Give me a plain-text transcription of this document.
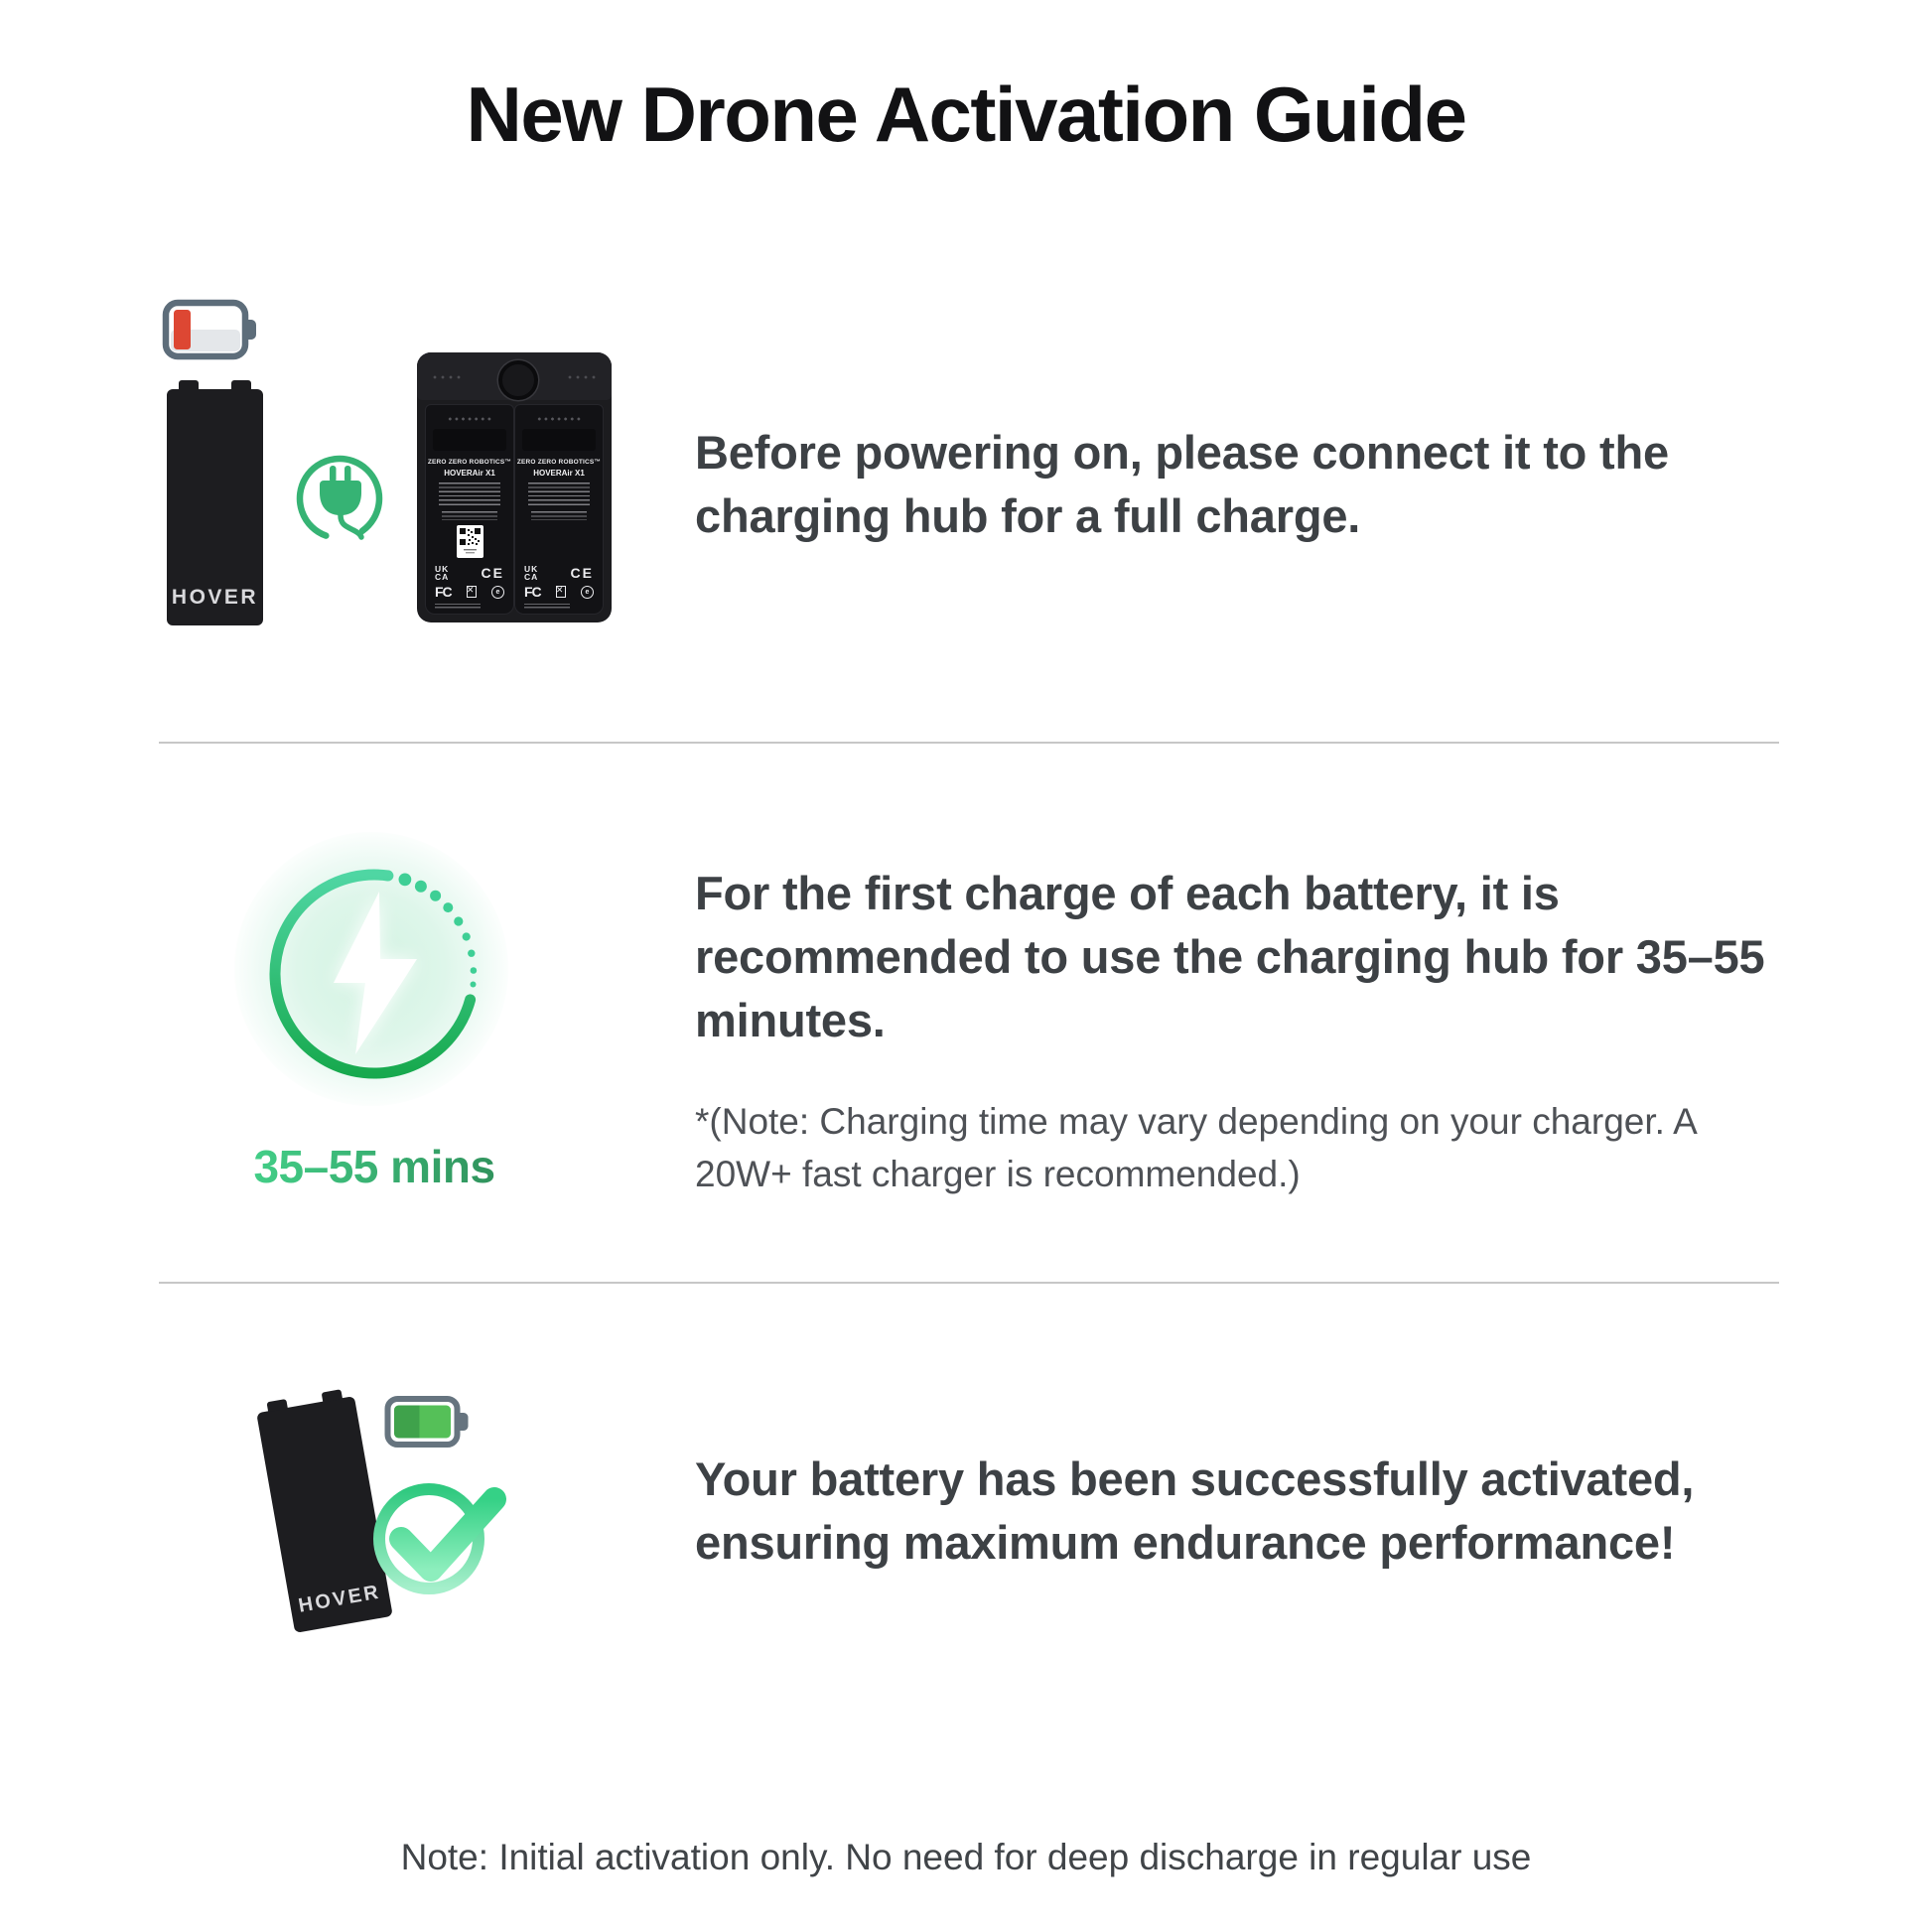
New Drone Activation Guide
HOVER
ZERO ZERO ROBOTICS™
HOVERAir X1
UK
CA CE
FC ✕	e
ZERO ZERO ROBOTICS™
HOVERAir X1
UK
CA CE
FC ✕	e

Before powering on, please connect it to the charging hub for a full charge.

35–55 mins

For the first charge of each battery, it is recommended to use the charging hub for 35–55 minutes.

*(Note: Charging time may vary depending on your charger. A 20W+ fast charger is recommended.)

HOVER

Your battery has been successfully activated, ensuring maximum endurance performance!

Note: Initial activation only. No need for deep discharge in regular use
